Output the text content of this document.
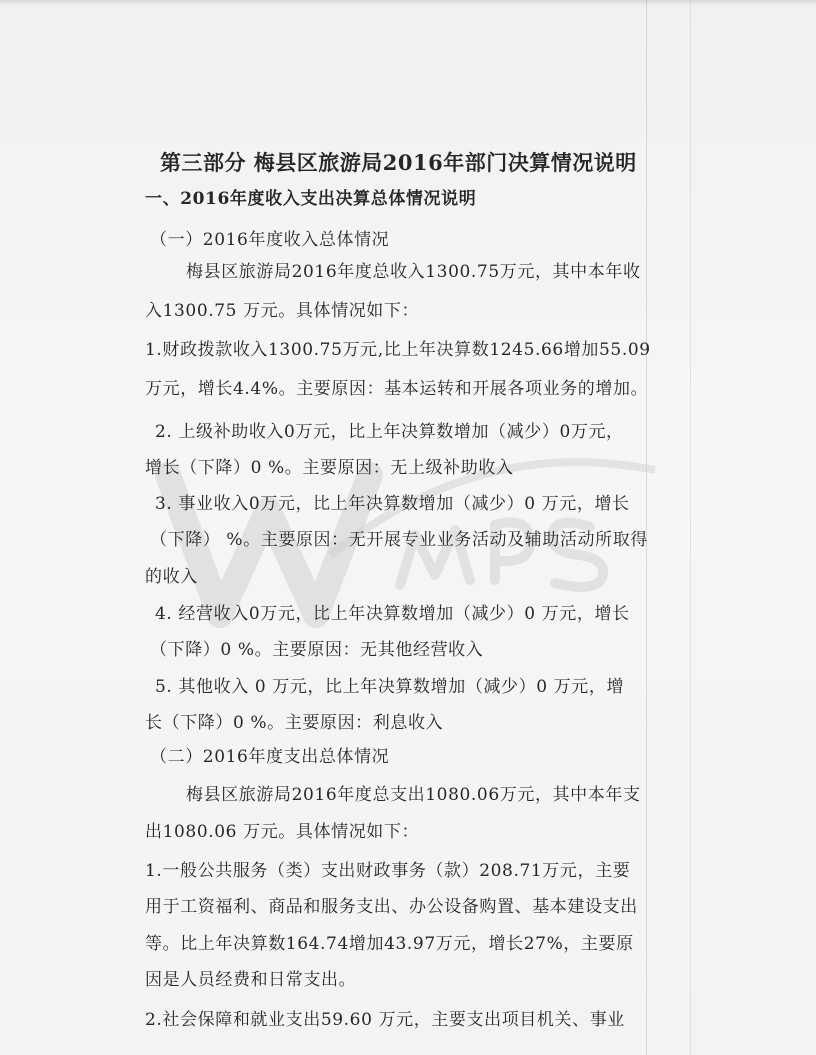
第三部分 梅县区旅游局2016年部门决算情况说明

一、2016年度收入支出决算总体情况说明

（一）2016年度收入总体情况

梅县区旅游局2016年度总收入1300.75万元，其中本年收

入1300.75 万元。具体情况如下：

1.财政拨款收入1300.75万元,比上年决算数1245.66增加55.09

万元，增长4.4%。主要原因：基本运转和开展各项业务的增加。

2. 上级补助收入0万元，比上年决算数增加（减少）0万元，

增长（下降）0 %。主要原因：无上级补助收入

3. 事业收入0万元，比上年决算数增加（减少）0 万元，增长

（下降） %。主要原因：无开展专业业务活动及辅助活动所取得

的收入

4. 经营收入0万元，比上年决算数增加（减少）0 万元，增长

（下降）0 %。主要原因：无其他经营收入

5. 其他收入 0 万元，比上年决算数增加（减少）0 万元，增

长（下降）0 %。主要原因：利息收入

（二）2016年度支出总体情况

梅县区旅游局2016年度总支出1080.06万元，其中本年支

出1080.06 万元。具体情况如下：

1.一般公共服务（类）支出财政事务（款）208.71万元，主要

用于工资福利、商品和服务支出、办公设备购置、基本建设支出

等。比上年决算数164.74增加43.97万元，增长27%，主要原

因是人员经费和日常支出。

2.社会保障和就业支出59.60 万元，主要支出项目机关、事业
